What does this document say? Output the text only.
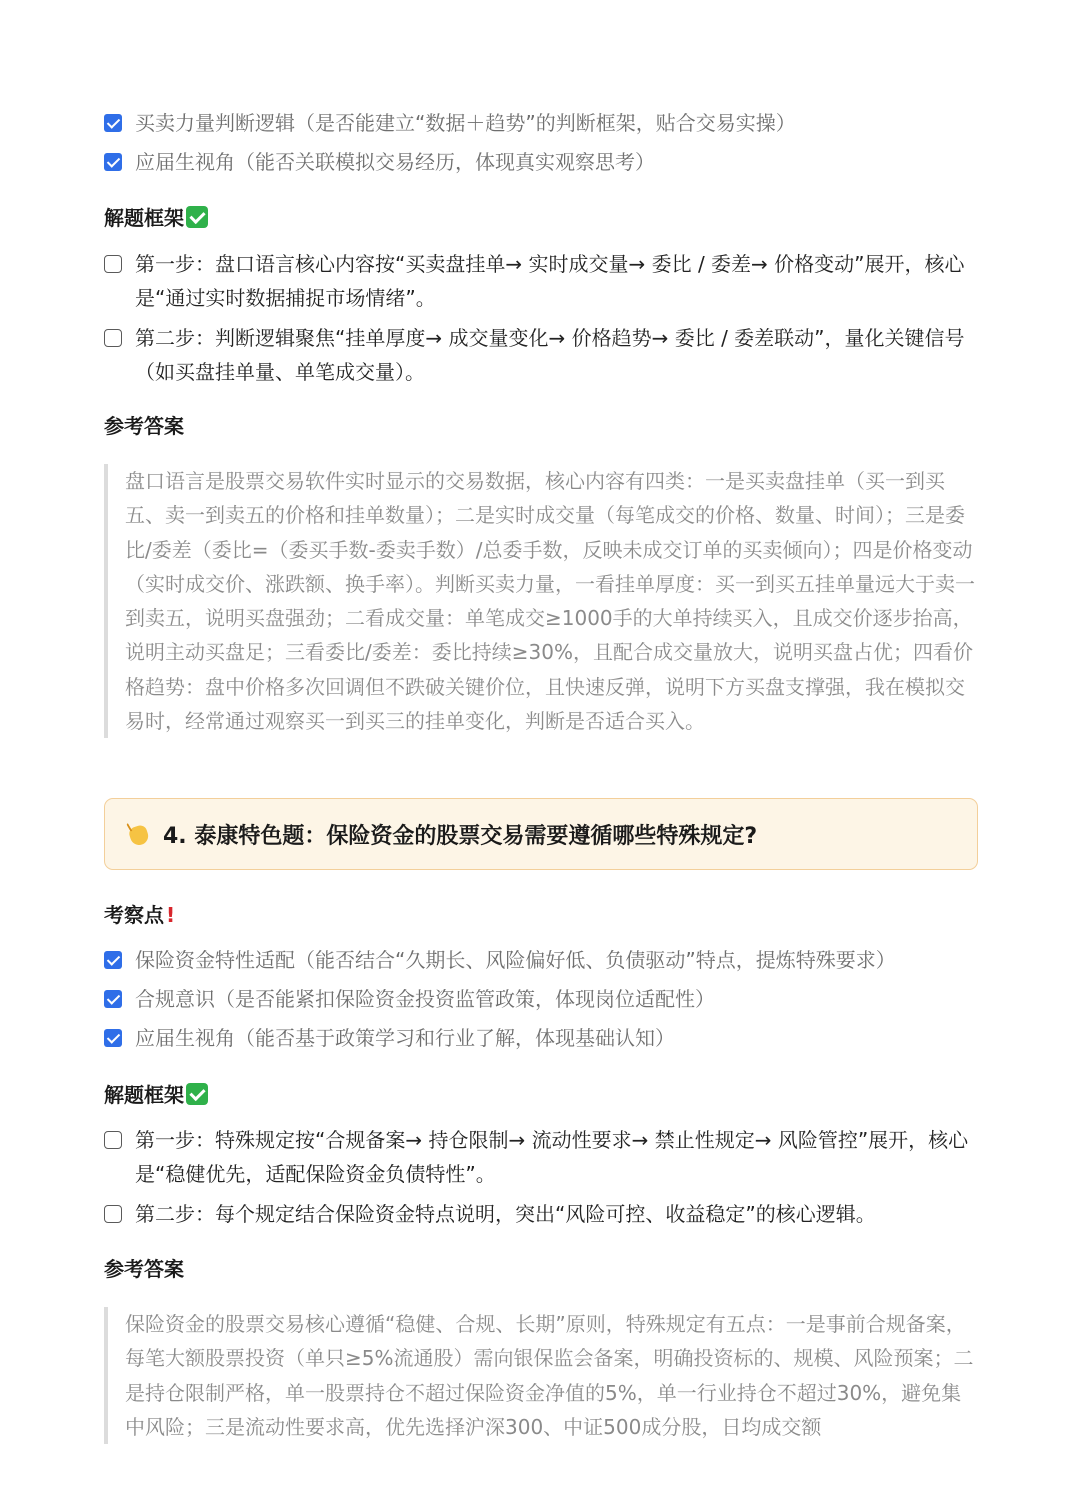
买卖力量判断逻辑（是否能建立“数据＋趋势”的判断框架，贴合交易实操）
应届生视角（能否关联模拟交易经历，体现真实观察思考）
解题框架
第一步：盘口语言核心内容按“买卖盘挂单→ 实时成交量→ 委比 / 委差→ 价格变动”展开，核心是“通过实时数据捕捉市场情绪”。
第二步：判断逻辑聚焦“挂单厚度→ 成交量变化→ 价格趋势→ 委比 / 委差联动”，量化关键信号（如买盘挂单量、单笔成交量）。
参考答案
盘口语言是股票交易软件实时显示的交易数据，核心内容有四类：一是买卖盘挂单（买一到买五、卖一到卖五的价格和挂单数量）；二是实时成交量（每笔成交的价格、数量、时间）；三是委比/委差（委比=（委买手数-委卖手数）/总委手数，反映未成交订单的买卖倾向）；四是价格变动（实时成交价、涨跌额、换手率）。判断买卖力量，一看挂单厚度：买一到买五挂单量远大于卖一到卖五，说明买盘强劲；二看成交量：单笔成交≥1000手的大单持续买入，且成交价逐步抬高，说明主动买盘足；三看委比/委差：委比持续≥30%，且配合成交量放大，说明买盘占优；四看价格趋势：盘中价格多次回调但不跌破关键价位，且快速反弹，说明下方买盘支撑强，我在模拟交易时，经常通过观察买一到买三的挂单变化，判断是否适合买入。
4. 泰康特色题：保险资金的股票交易需要遵循哪些特殊规定?
考察点 !
保险资金特性适配（能否结合“久期长、风险偏好低、负债驱动”特点，提炼特殊要求）
合规意识（是否能紧扣保险资金投资监管政策，体现岗位适配性）
应届生视角（能否基于政策学习和行业了解，体现基础认知）
解题框架
第一步：特殊规定按“合规备案→ 持仓限制→ 流动性要求→ 禁止性规定→ 风险管控”展开，核心是“稳健优先，适配保险资金负债特性”。
第二步：每个规定结合保险资金特点说明，突出“风险可控、收益稳定”的核心逻辑。
参考答案
保险资金的股票交易核心遵循“稳健、合规、长期”原则，特殊规定有五点：一是事前合规备案，每笔大额股票投资（单只≥5%流通股）需向银保监会备案，明确投资标的、规模、风险预案；二是持仓限制严格，单一股票持仓不超过保险资金净值的5%，单一行业持仓不超过30%，避免集中风险；三是流动性要求高，优先选择沪深300、中证500成分股，日均成交额
